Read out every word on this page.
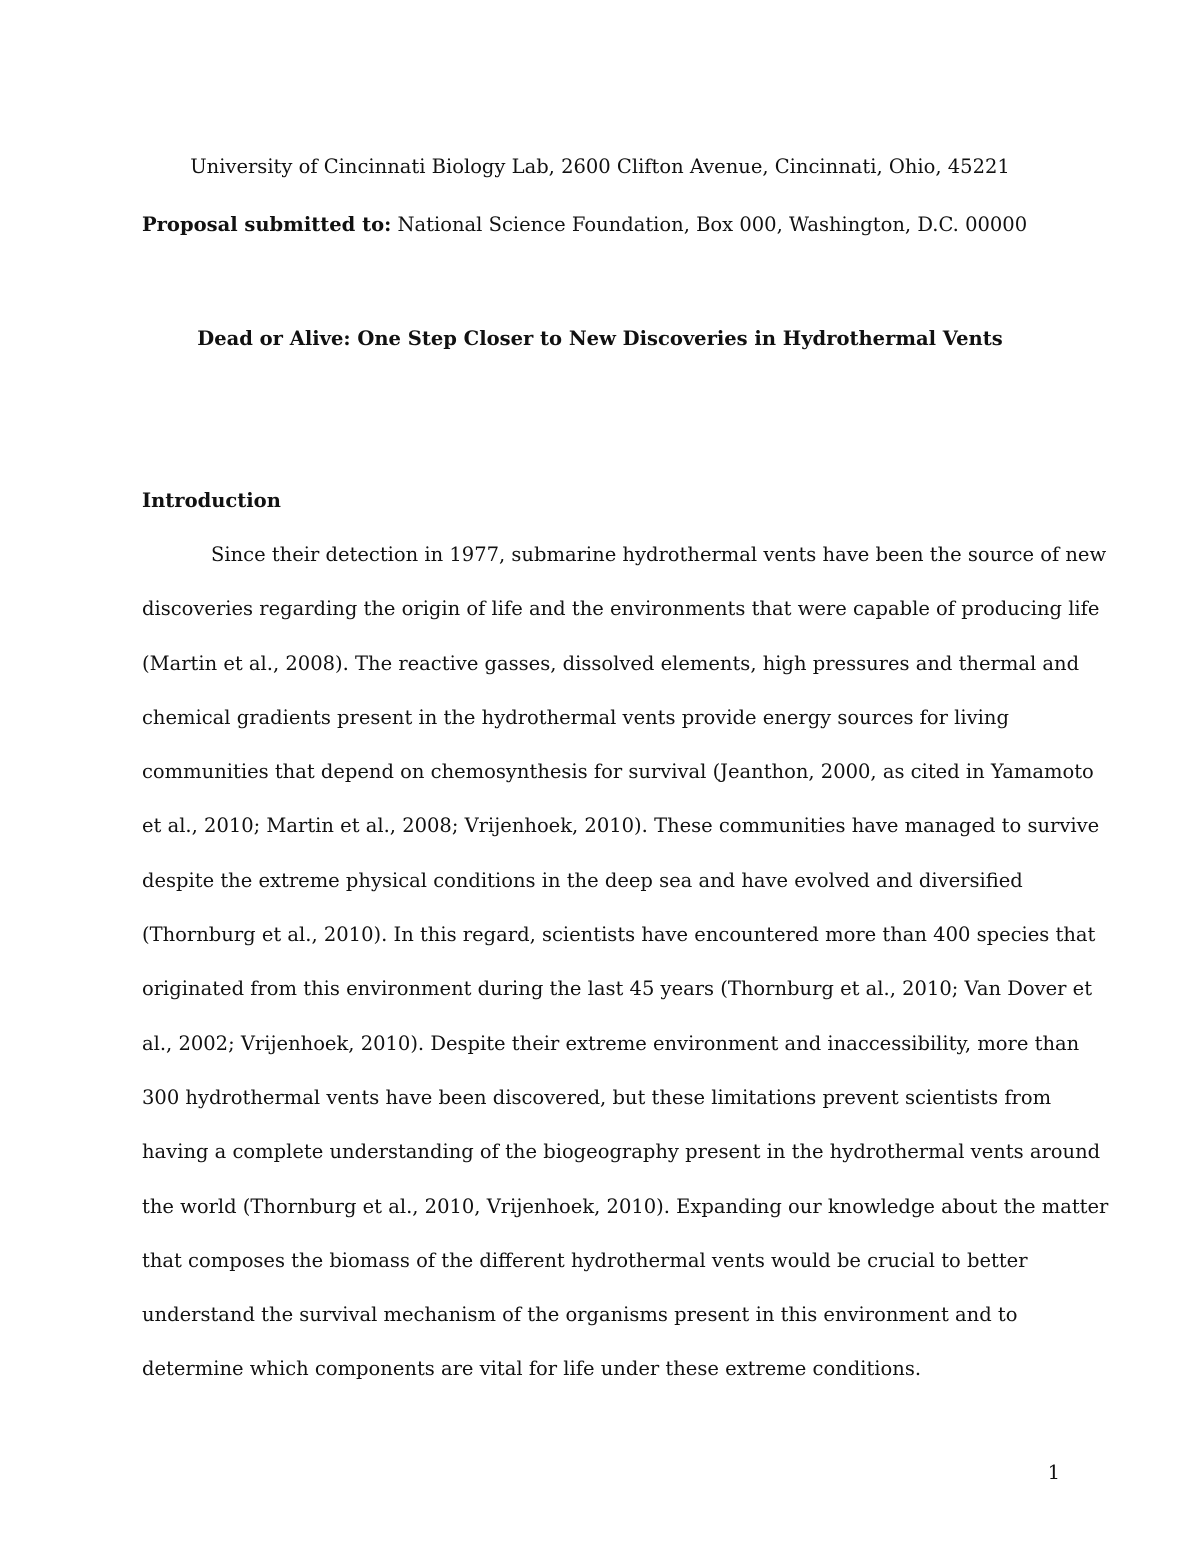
University of Cincinnati Biology Lab, 2600 Clifton Avenue, Cincinnati, Ohio, 45221
Proposal submitted to: National Science Foundation, Box 000, Washington, D.C. 00000
Dead or Alive: One Step Closer to New Discoveries in Hydrothermal Vents
Introduction
Since their detection in 1977, submarine hydrothermal vents have been the source of new
discoveries regarding the origin of life and the environments that were capable of producing life
(Martin et al., 2008). The reactive gasses, dissolved elements, high pressures and thermal and
chemical gradients present in the hydrothermal vents provide energy sources for living
communities that depend on chemosynthesis for survival (Jeanthon, 2000, as cited in Yamamoto
et al., 2010; Martin et al., 2008; Vrijenhoek, 2010). These communities have managed to survive
despite the extreme physical conditions in the deep sea and have evolved and diversified
(Thornburg et al., 2010). In this regard, scientists have encountered more than 400 species that
originated from this environment during the last 45 years (Thornburg et al., 2010; Van Dover et
al., 2002; Vrijenhoek, 2010). Despite their extreme environment and inaccessibility, more than
300 hydrothermal vents have been discovered, but these limitations prevent scientists from
having a complete understanding of the biogeography present in the hydrothermal vents around
the world (Thornburg et al., 2010, Vrijenhoek, 2010). Expanding our knowledge about the matter
that composes the biomass of the different hydrothermal vents would be crucial to better
understand the survival mechanism of the organisms present in this environment and to
determine which components are vital for life under these extreme conditions.
1
